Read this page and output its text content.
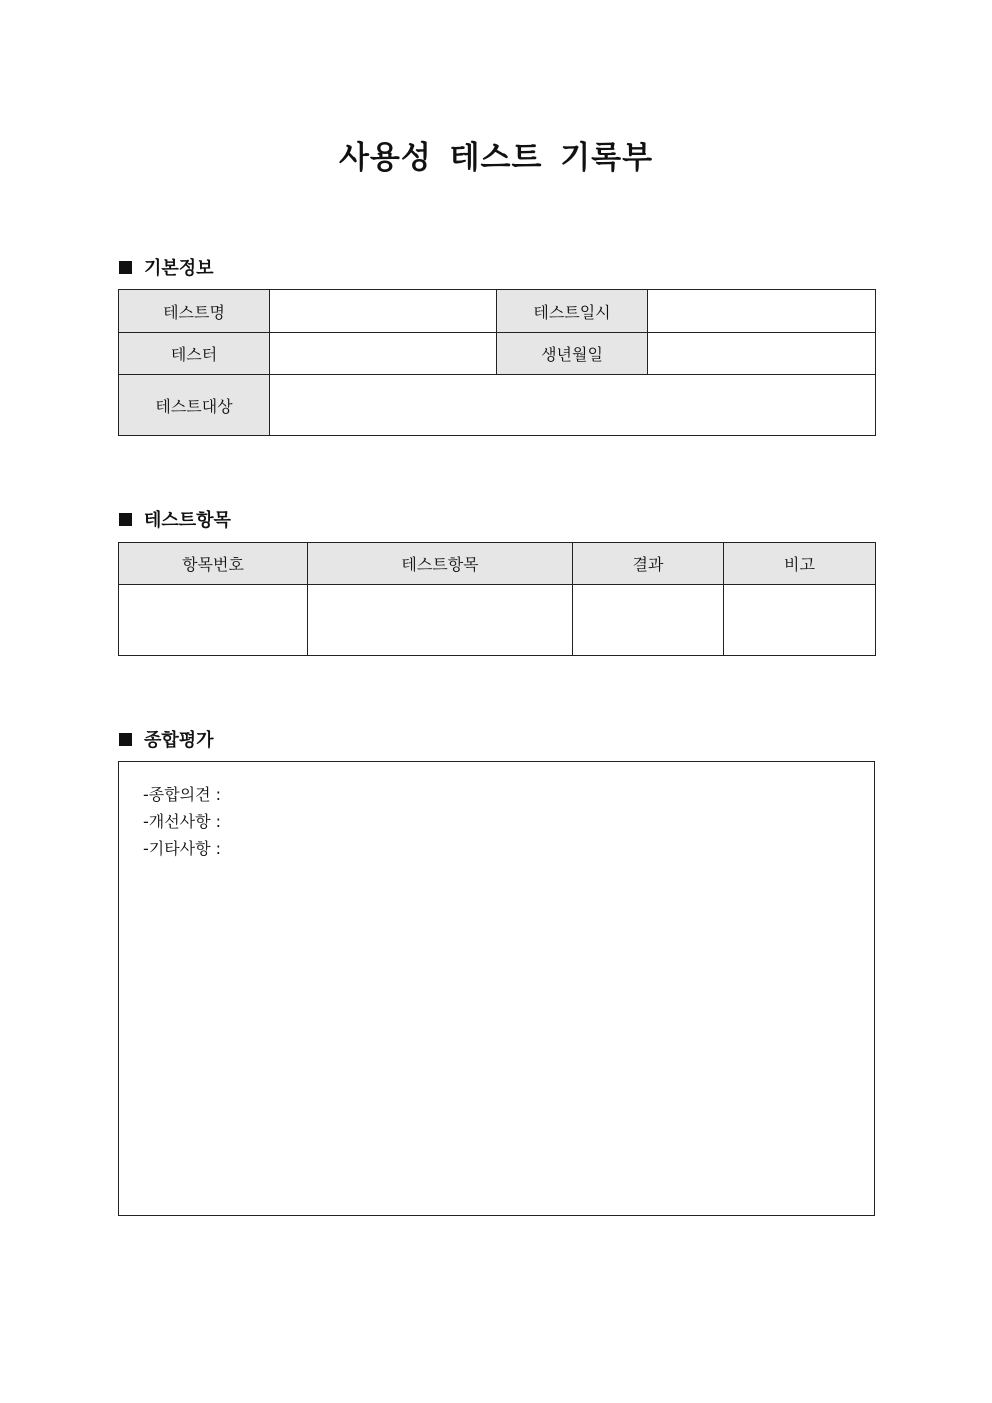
사용성 테스트 기록부
기본정보
테스트명		테스트일시	
테스터		생년월일	
테스트대상			
테스트항목
항목번호	테스트항목	결과	비고

종합평가
-종합의견 :
-개선사항 :
-기타사항 :
